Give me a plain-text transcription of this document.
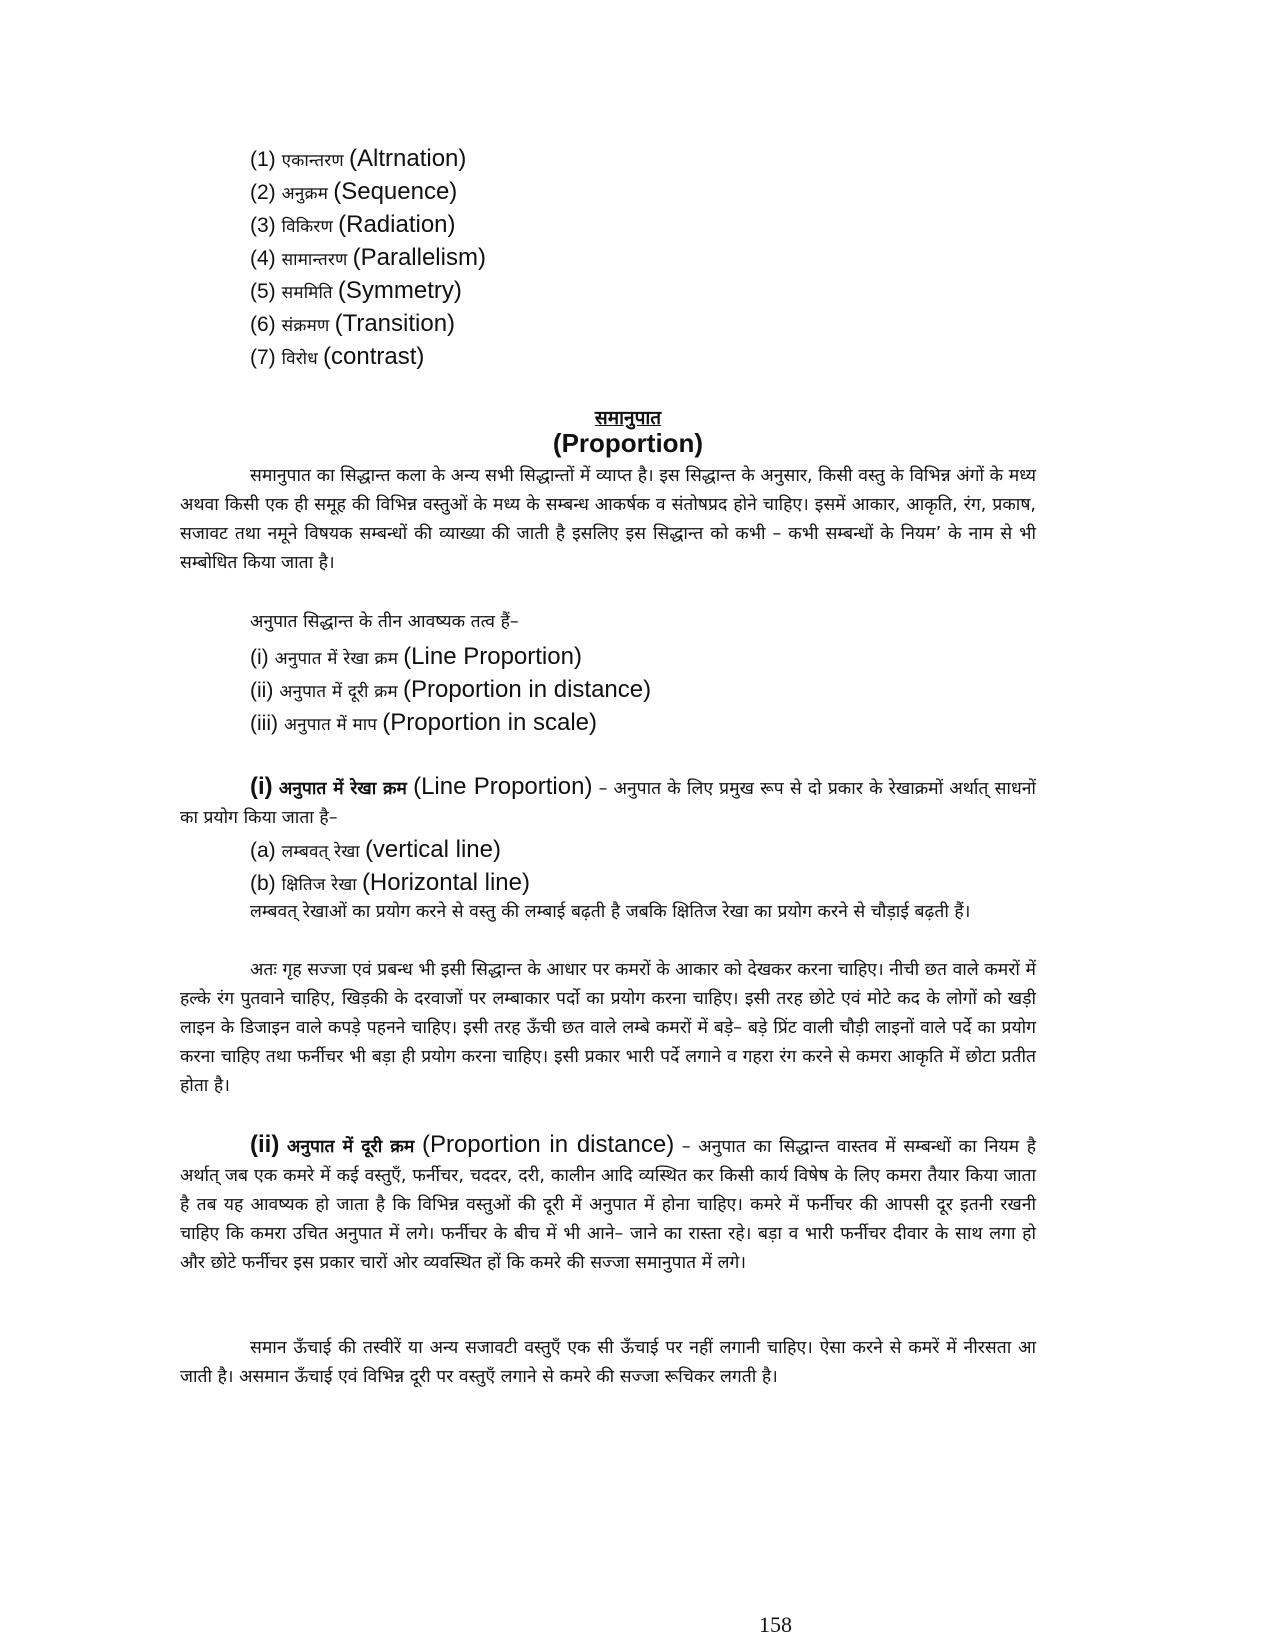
(1) एकान्तरण (Altrnation)
(2) अनुक्रम (Sequence)
(3) विकिरण (Radiation)
(4) सामान्तरण (Parallelism)
(5) सममिति (Symmetry)
(6) संक्रमण (Transition)
(7) विरोध (contrast)
समानुपात
(Proportion)

समानुपात का सिद्धान्त कला के अन्य सभी सिद्धान्तों में व्याप्त है। इस सिद्धान्त के अनुसार, किसी वस्तु के विभिन्न अंगों के मध्य अथवा किसी एक ही समूह की विभिन्न वस्तुओं के मध्य के सम्बन्ध आकर्षक व संतोषप्रद होने चाहिए। इसमें आकार, आकृति, रंग, प्रकाष, सजावट तथा नमूने विषयक सम्बन्धों की व्याख्या की जाती है इसलिए इस सिद्धान्त को कभी – कभी सम्बन्धों के नियम’ के नाम से भी सम्बोधित किया जाता है।

अनुपात सिद्धान्त के तीन आवष्यक तत्व हैं–

(i) अनुपात में रेखा क्रम (Line Proportion)
(ii) अनुपात में दूरी क्रम (Proportion in distance)
(iii) अनुपात में माप (Proportion in scale)

(i) अनुपात में रेखा क्रम (Line Proportion) – अनुपात के लिए प्रमुख रूप से दो प्रकार के रेखाक्रमों अर्थात् साधनों का प्रयोग किया जाता है–

(a) लम्बवत् रेखा (vertical line)
(b) क्षितिज रेखा (Horizontal line)

लम्बवत् रेखाओं का प्रयोग करने से वस्तु की लम्बाई बढ़ती है जबकि क्षितिज रेखा का प्रयोग करने से चौड़ाई बढ़ती हैं।

अतः गृह सज्जा एवं प्रबन्ध भी इसी सिद्धान्त के आधार पर कमरों के आकार को देखकर करना चाहिए। नीची छत वाले कमरों में हल्के रंग पुतवाने चाहिए, खिड़की के दरवाजों पर लम्बाकार पर्दो का प्रयोग करना चाहिए। इसी तरह छोटे एवं मोटे कद के लोगों को खड़ी लाइन के डिजाइन वाले कपड़े पहनने चाहिए। इसी तरह ऊँची छत वाले लम्बे कमरों में बड़े– बड़े प्रिंट वाली चौड़ी लाइनों वाले पर्दे का प्रयोग करना चाहिए तथा फर्नीचर भी बड़ा ही प्रयोग करना चाहिए। इसी प्रकार भारी पर्दे लगाने व गहरा रंग करने से कमरा आकृति में छोटा प्रतीत होता है।

(ii) अनुपात में दूरी क्रम (Proportion in distance) – अनुपात का सिद्धान्त वास्तव में सम्बन्धों का नियम है अर्थात् जब एक कमरे में कई वस्तुएँ, फर्नीचर, चददर, दरी, कालीन आदि व्यस्थित कर किसी कार्य विषेष के लिए कमरा तैयार किया जाता है तब यह आवष्यक हो जाता है कि विभिन्न वस्तुओं की दूरी में अनुपात में होना चाहिए। कमरे में फर्नीचर की आपसी दूर इतनी रखनी चाहिए कि कमरा उचित अनुपात में लगे। फर्नीचर के बीच में भी आने– जाने का रास्ता रहे। बड़ा व भारी फर्नीचर दीवार के साथ लगा हो और छोटे फर्नीचर इस प्रकार चारों ओर व्यवस्थित हों कि कमरे की सज्जा समानुपात में लगे।

समान ऊँचाई की तस्वीरें या अन्य सजावटी वस्तुएँ एक सी ऊँचाई पर नहीं लगानी चाहिए। ऐसा करने से कमरें में नीरसता आ जाती है। असमान ऊँचाई एवं विभिन्न दूरी पर वस्तुएँ लगाने से कमरे की सज्जा रूचिकर लगती है।

158
